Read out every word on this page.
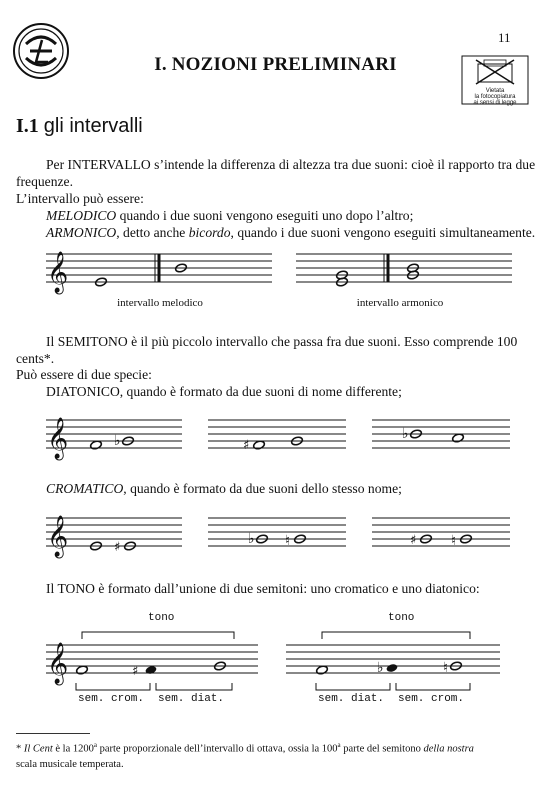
11
I. NOZIONI PRELIMINARI
Vietata
la fotocopiatura
ai sensi di legge
I.1 gli intervalli
Per INTERVALLO s’intende la differenza di altezza tra due suoni: cioè il rapporto tra due
frequenze.
L’intervallo può essere:
MELODICO quando i due suoni vengono eseguiti uno dopo l’altro;
ARMONICO, detto anche bicordo, quando i due suoni vengono eseguiti simultaneamente.
𝄞
intervallo melodico	intervallo armonico
Il SEMITONO è il più piccolo intervallo che passa fra due suoni. Esso comprende 100
cents*.
Può essere di due specie:
DIATONICO, quando è formato da due suoni di nome differente;
𝄞	♭	♯
♭
CROMATICO, quando è formato da due suoni dello stesso nome;
𝄞	♯
♭ ♮	♯ ♮
Il TONO è formato dall’unione di due semitoni: uno cromatico e uno diatonico:
tono	tono
𝄞	♯	♭	♮
sem. crom. sem. diat.	sem. diat. sem. crom.
* Il Cent è la 1200$^a$ parte proporzionale dell’intervallo di ottava, ossia la 100$^a$ parte del semitono della nostra
scala musicale temperata.
